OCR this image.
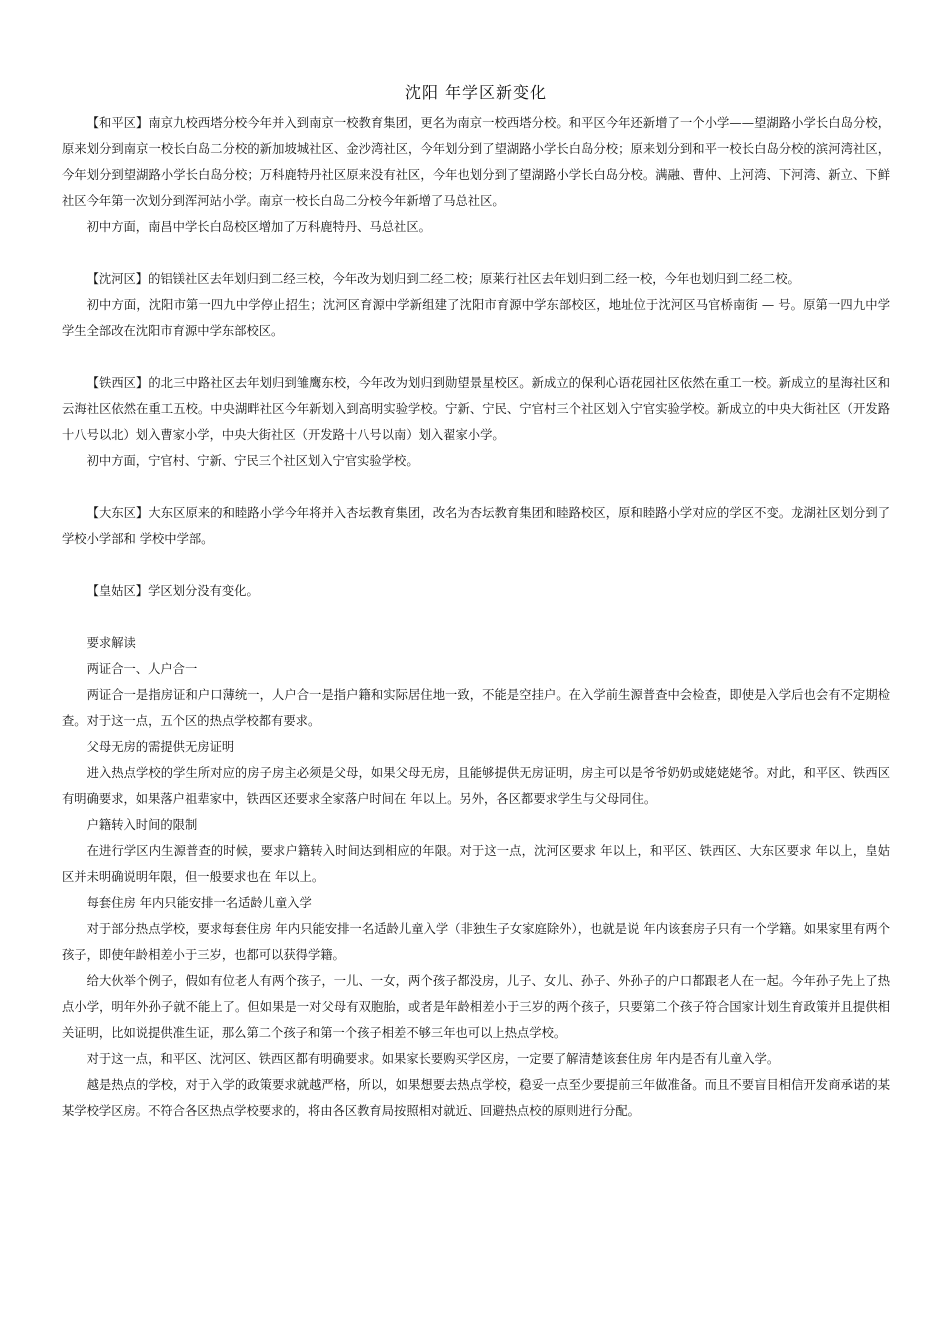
沈阳 年学区新变化

【和平区】南京九校西塔分校今年并入到南京一校教育集团，更名为南京一校西塔分校。和平区今年还新增了一个小学——望湖路小学长白岛分校，原来划分到南京一校长白岛二分校的新加坡城社区、金沙湾社区，今年划分到了望湖路小学长白岛分校；原来划分到和平一校长白岛分校的滨河湾社区，今年划分到望湖路小学长白岛分校；万科鹿特丹社区原来没有社区，今年也划分到了望湖路小学长白岛分校。满融、曹仲、上河湾、下河湾、新立、下鲜社区今年第一次划分到浑河站小学。南京一校长白岛二分校今年新增了马总社区。

初中方面，南昌中学长白岛校区增加了万科鹿特丹、马总社区。

【沈河区】的铝镁社区去年划归到二经三校，今年改为划归到二经二校；原莱行社区去年划归到二经一校，今年也划归到二经二校。

初中方面，沈阳市第一四九中学停止招生；沈河区育源中学新组建了沈阳市育源中学东部校区，地址位于沈河区马官桥南街 — 号。原第一四九中学学生全部改在沈阳市育源中学东部校区。

【铁西区】的北三中路社区去年划归到雏鹰东校，今年改为划归到勋望景星校区。新成立的保利心语花园社区依然在重工一校。新成立的星海社区和云海社区依然在重工五校。中央湖畔社区今年新划入到高明实验学校。宁新、宁民、宁官村三个社区划入宁官实验学校。新成立的中央大街社区（开发路十八号以北）划入曹家小学，中央大街社区（开发路十八号以南）划入翟家小学。

初中方面，宁官村、宁新、宁民三个社区划入宁官实验学校。

【大东区】大东区原来的和睦路小学今年将并入杏坛教育集团，改名为杏坛教育集团和睦路校区，原和睦路小学对应的学区不变。龙湖社区划分到了 学校小学部和 学校中学部。

【皇姑区】学区划分没有变化。

要求解读

两证合一、人户合一

两证合一是指房证和户口薄统一，人户合一是指户籍和实际居住地一致，不能是空挂户。在入学前生源普查中会检查，即使是入学后也会有不定期检查。对于这一点，五个区的热点学校都有要求。

父母无房的需提供无房证明

进入热点学校的学生所对应的房子房主必须是父母，如果父母无房，且能够提供无房证明，房主可以是爷爷奶奶或姥姥姥爷。对此，和平区、铁西区有明确要求，如果落户祖辈家中，铁西区还要求全家落户时间在 年以上。另外，各区都要求学生与父母同住。

户籍转入时间的限制

在进行学区内生源普查的时候，要求户籍转入时间达到相应的年限。对于这一点，沈河区要求 年以上，和平区、铁西区、大东区要求 年以上，皇姑区并未明确说明年限，但一般要求也在 年以上。

每套住房 年内只能安排一名适龄儿童入学

对于部分热点学校，要求每套住房 年内只能安排一名适龄儿童入学（非独生子女家庭除外），也就是说 年内该套房子只有一个学籍。如果家里有两个孩子，即使年龄相差小于三岁，也都可以获得学籍。

给大伙举个例子，假如有位老人有两个孩子，一儿、一女，两个孩子都没房，儿子、女儿、孙子、外孙子的户口都跟老人在一起。今年孙子先上了热点小学，明年外孙子就不能上了。但如果是一对父母有双胞胎，或者是年龄相差小于三岁的两个孩子，只要第二个孩子符合国家计划生育政策并且提供相关证明，比如说提供准生证，那么第二个孩子和第一个孩子相差不够三年也可以上热点学校。

对于这一点，和平区、沈河区、铁西区都有明确要求。如果家长要购买学区房，一定要了解清楚该套住房 年内是否有儿童入学。

越是热点的学校，对于入学的政策要求就越严格，所以，如果想要去热点学校，稳妥一点至少要提前三年做准备。而且不要盲目相信开发商承诺的某某学校学区房。不符合各区热点学校要求的，将由各区教育局按照相对就近、回避热点校的原则进行分配。
